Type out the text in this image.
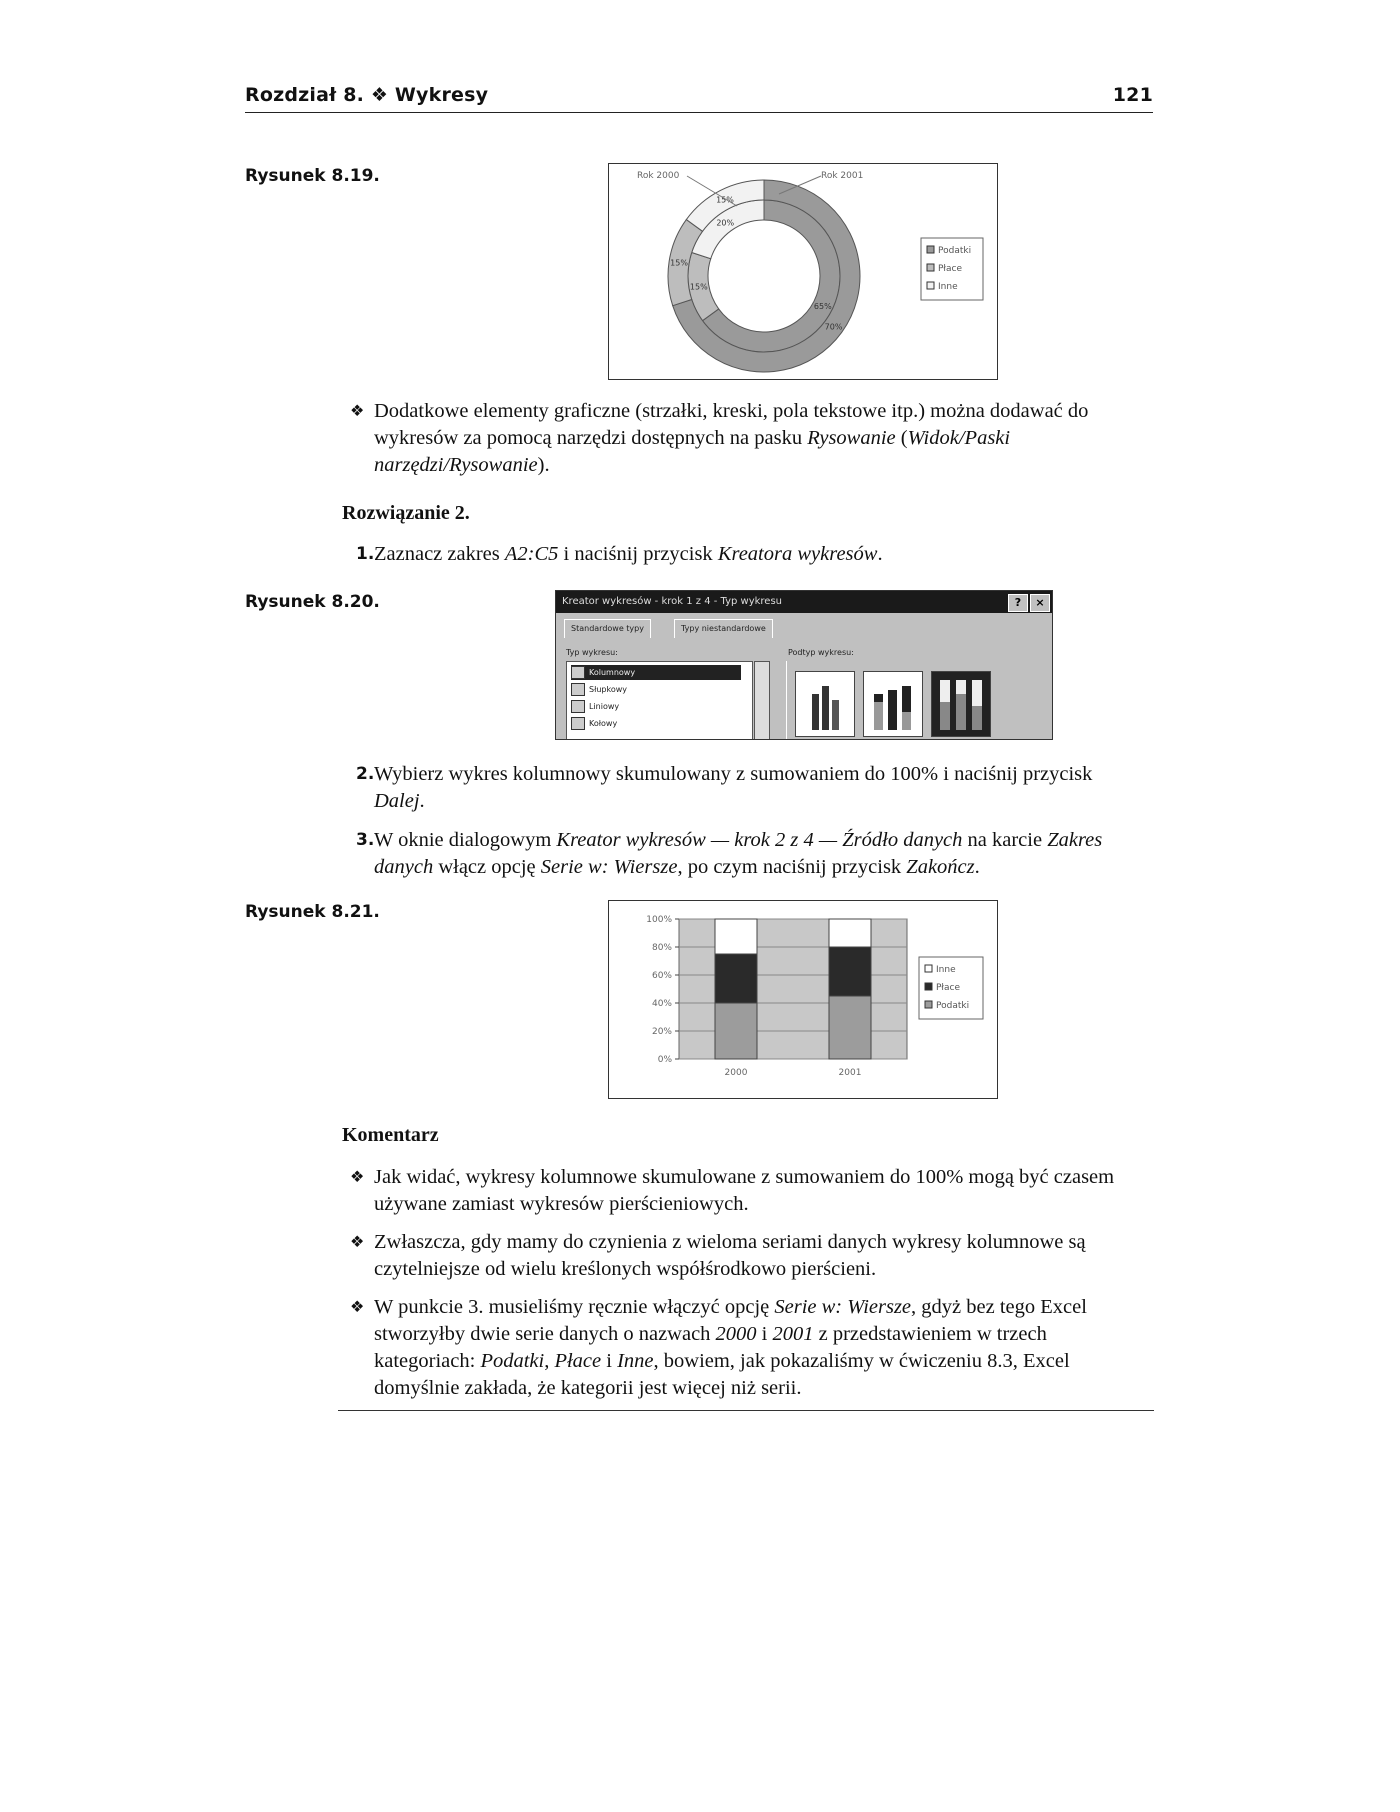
Rozdział 8. ❖ Wykresy	121
Rysunek 8.19.
65%
15%
20%
70%
15%
15%
Rok 2000	Rok 2001
Podatki
Płace
Inne
❖ Dodatkowe elementy graficzne (strzałki, kreski, pola tekstowe itp.) można dodawać do wykresów za pomocą narzędzi dostępnych na pasku Rysowanie (Widok/Paski narzędzi/Rysowanie).
Rozwiązanie 2.
1. Zaznacz zakres A2:C5 i naciśnij przycisk Kreatora wykresów.
Rysunek 8.20.	Kreator wykresów - krok 1 z 4 - Typ wykresu	?	×
Standardowe typy	Typy niestandardowe
Typ wykresu:	Podtyp wykresu:
Kolumnowy
Słupkowy
Liniowy
Kołowy
2. Wybierz wykres kolumnowy skumulowany z sumowaniem do 100% i naciśnij przycisk Dalej.
3. W oknie dialogowym Kreator wykresów — krok 2 z 4 — Źródło danych na karcie Zakres danych włącz opcję Serie w: Wiersze, po czym naciśnij przycisk Zakończ.
Rysunek 8.21.
0%
20%
40%
60%
80%
100%
2000	2001
Inne
Płace
Podatki
Komentarz
❖ Jak widać, wykresy kolumnowe skumulowane z sumowaniem do 100% mogą być czasem używane zamiast wykresów pierścieniowych.
❖ Zwłaszcza, gdy mamy do czynienia z wieloma seriami danych wykresy kolumnowe są czytelniejsze od wielu kreślonych współśrodkowo pierścieni.
❖ W punkcie 3. musieliśmy ręcznie włączyć opcję Serie w: Wiersze, gdyż bez tego Excel stworzyłby dwie serie danych o nazwach 2000 i 2001 z przedstawieniem w trzech kategoriach: Podatki, Płace i Inne, bowiem, jak pokazaliśmy w ćwiczeniu 8.3, Excel domyślnie zakłada, że kategorii jest więcej niż serii.
